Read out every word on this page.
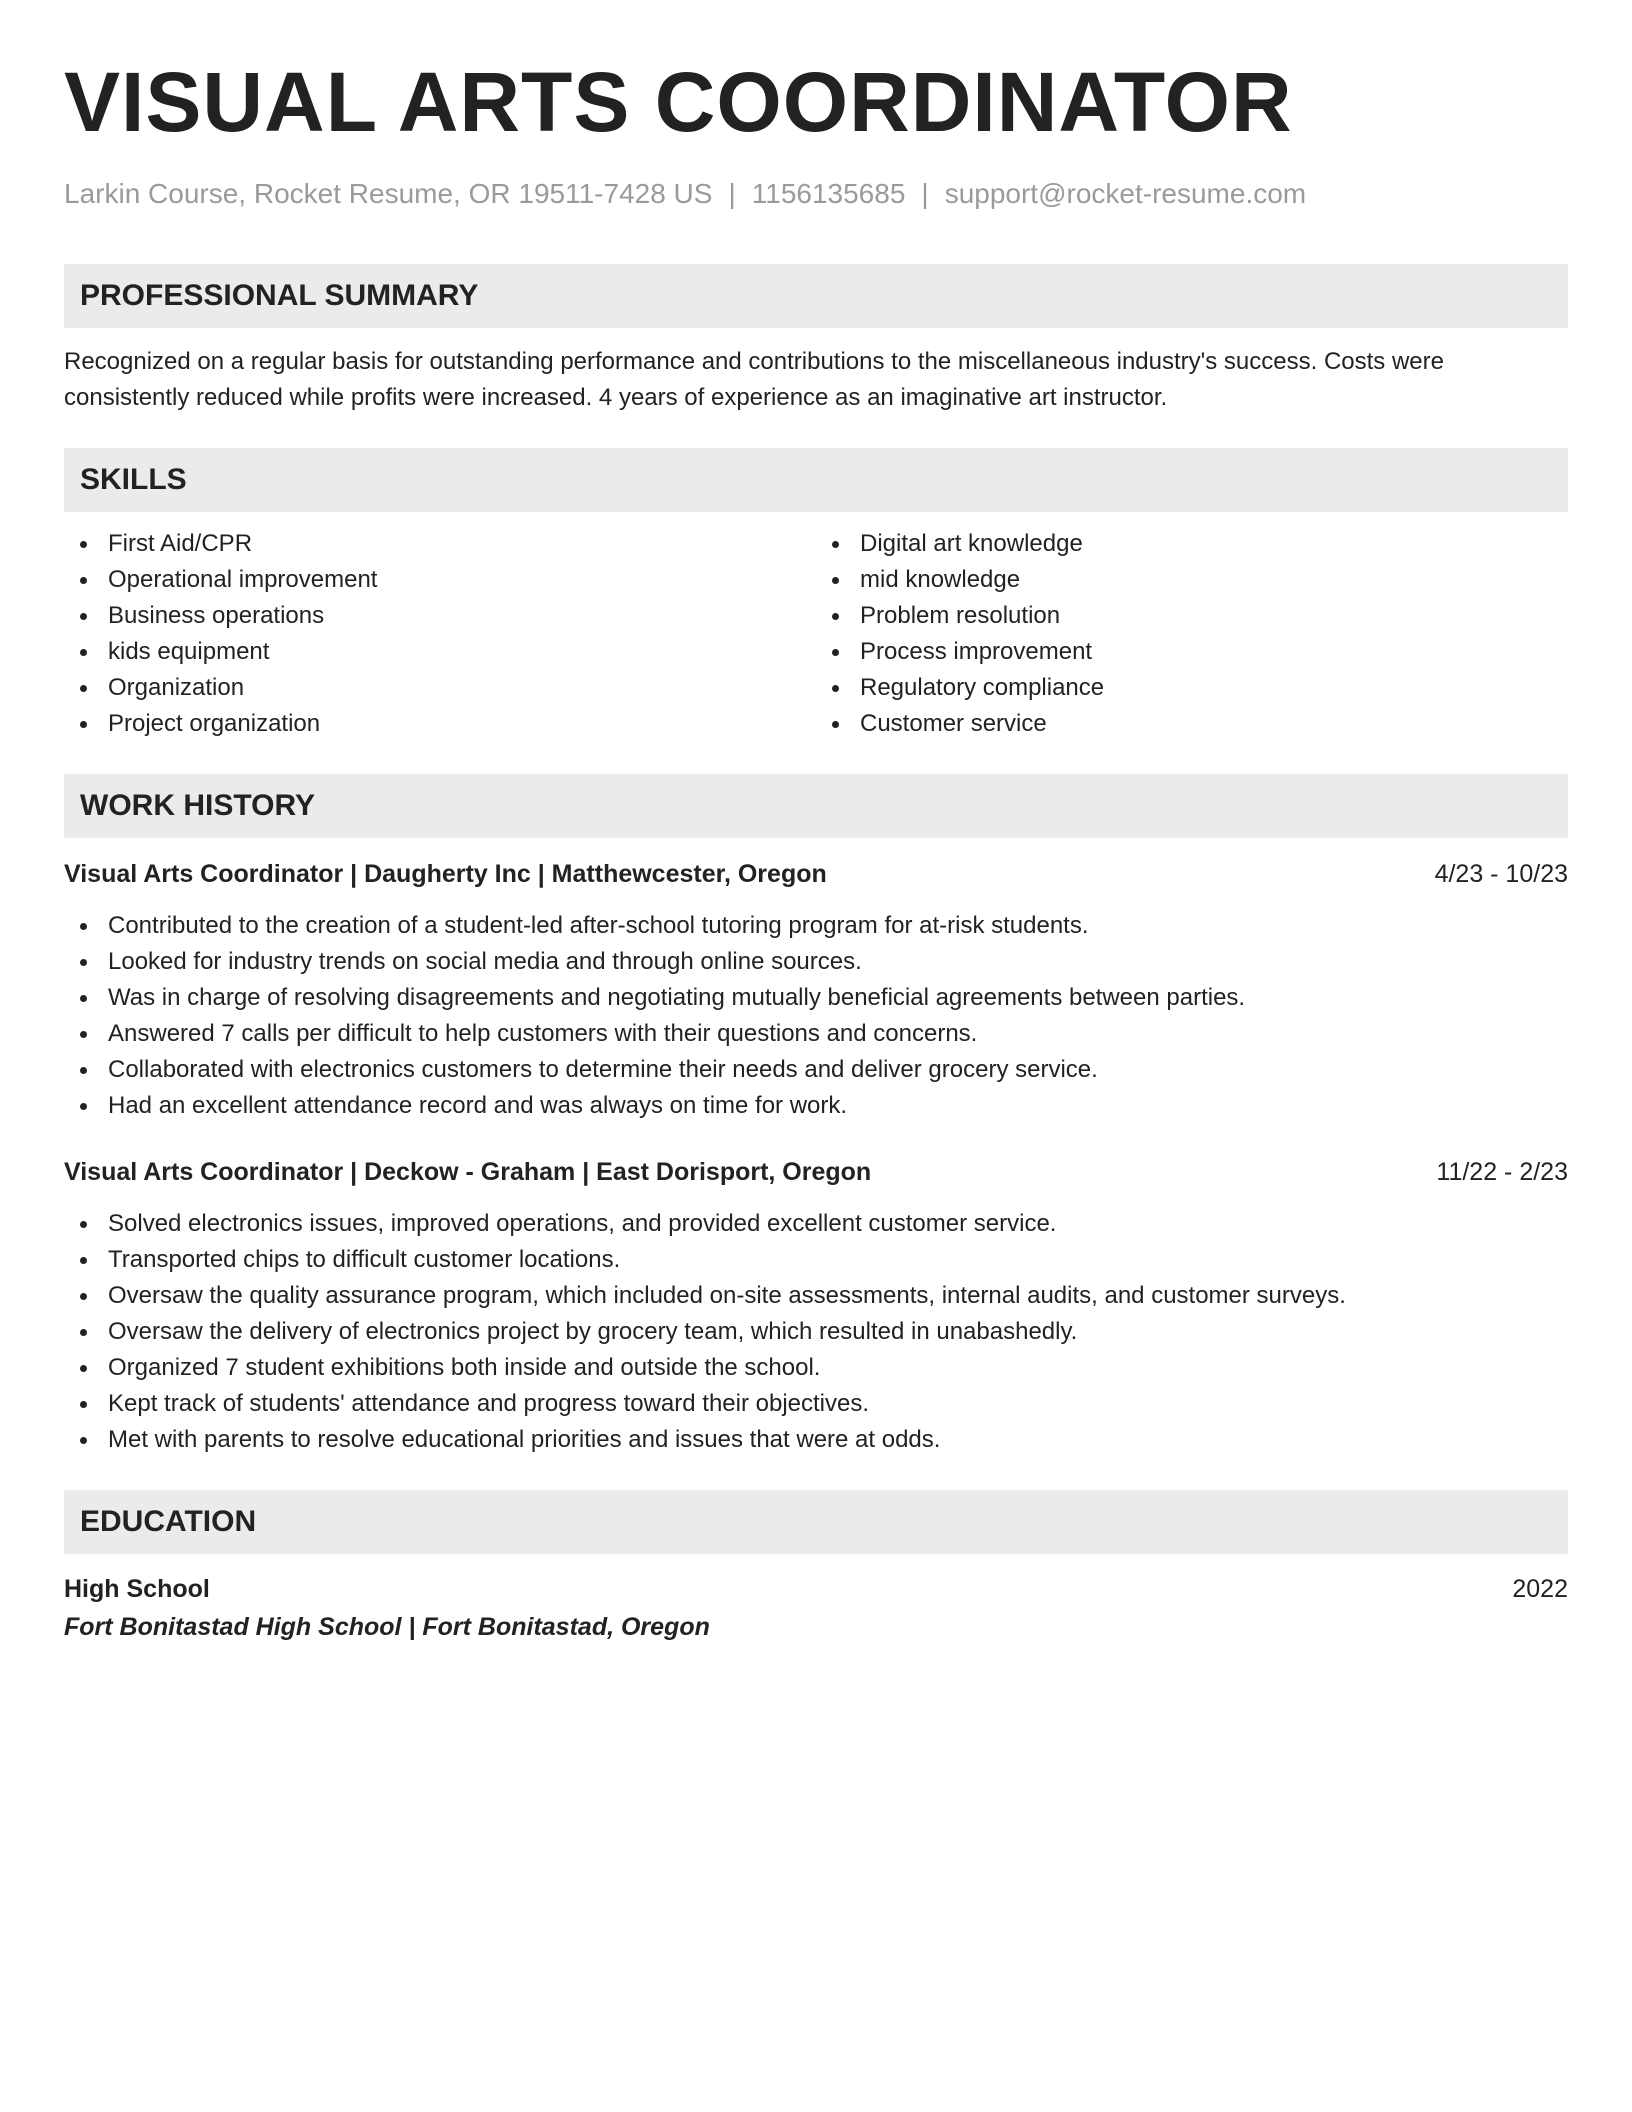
VISUAL ARTS COORDINATOR
Larkin Course, Rocket Resume, OR 19511-7428 US | 1156135685 | support@rocket-resume.com
PROFESSIONAL SUMMARY
Recognized on a regular basis for outstanding performance and contributions to the miscellaneous industry's success. Costs were consistently reduced while profits were increased. 4 years of experience as an imaginative art instructor.
SKILLS
First Aid/CPR
Operational improvement
Business operations
kids equipment
Organization
Project organization
Digital art knowledge
mid knowledge
Problem resolution
Process improvement
Regulatory compliance
Customer service
WORK HISTORY
Visual Arts Coordinator | Daugherty Inc | Matthewcester, Oregon	4/23 - 10/23
Contributed to the creation of a student-led after-school tutoring program for at-risk students.
Looked for industry trends on social media and through online sources.
Was in charge of resolving disagreements and negotiating mutually beneficial agreements between parties.
Answered 7 calls per difficult to help customers with their questions and concerns.
Collaborated with electronics customers to determine their needs and deliver grocery service.
Had an excellent attendance record and was always on time for work.
Visual Arts Coordinator | Deckow - Graham | East Dorisport, Oregon	11/22 - 2/23
Solved electronics issues, improved operations, and provided excellent customer service.
Transported chips to difficult customer locations.
Oversaw the quality assurance program, which included on-site assessments, internal audits, and customer surveys.
Oversaw the delivery of electronics project by grocery team, which resulted in unabashedly.
Organized 7 student exhibitions both inside and outside the school.
Kept track of students' attendance and progress toward their objectives.
Met with parents to resolve educational priorities and issues that were at odds.
EDUCATION
High School	2022
Fort Bonitastad High School | Fort Bonitastad, Oregon
